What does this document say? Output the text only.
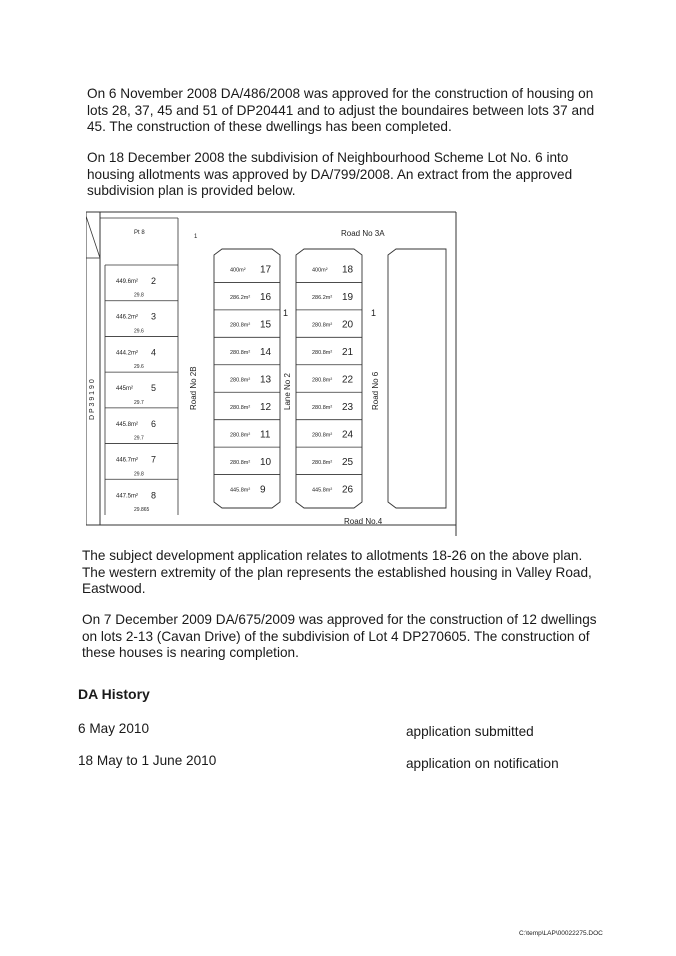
On 6 November 2008 DA/486/2008 was approved for the construction of housing on lots 28, 37, 45 and 51 of DP20441 and to adjust the boundaires between lots 37 and 45. The construction of these dwellings has been completed.
On 18 December 2008 the subdivision of Neighbourhood Scheme Lot No. 6 into housing allotments was approved by DA/799/2008. An extract from the approved subdivision plan is provided below.
Pt 8
D P 3 9 1 9 0	Road No 2B
Road No 3A
Road No.4
Lane No 2	Road No 6
1
1	1
449.6m² 2
29.8
446.2m² 3
29.6
444.2m² 4
29.6
445m² 5
29.7
445.8m² 6
29.7
446.7m² 7
29.8
447.5m² 8
29.865
400m² 17
286.2m² 16
280.8m² 15
280.8m² 14
280.8m² 13
280.8m² 12
280.8m² 11
280.8m² 10
445.8m² 9
400m² 18
286.2m² 19
280.8m² 20
280.8m² 21
280.8m² 22
280.8m² 23
280.8m² 24
280.8m² 25
445.8m² 26
The subject development application relates to allotments 18-26 on the above plan. The western extremity of the plan represents the established housing in Valley Road, Eastwood.
On 7 December 2009 DA/675/2009 was approved for the construction of 12 dwellings on lots 2-13 (Cavan Drive) of the subdivision of Lot 4 DP270605. The construction of these houses is nearing completion.
DA History
6 May 2010	application submitted
18 May to 1 June 2010	application on notification
C:\temp\LAP\00022275.DOC
